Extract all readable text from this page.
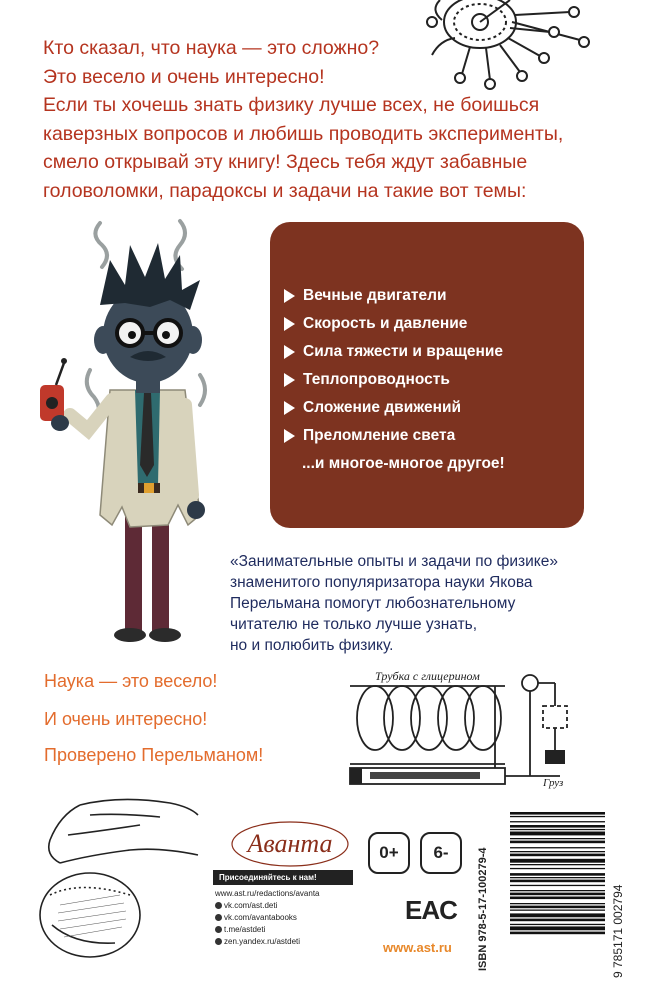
Кто сказал, что наука — это сложно?
Это весело и очень интересно!
Если ты хочешь знать физику лучше всех, не боишься
каверзных вопросов и любишь проводить эксперименты,
смело открывай эту книгу! Здесь тебя ждут забавные
головоломки, парадоксы и задачи на такие вот темы:
Вечные двигатели
Скорость и давление
Сила тяжести и вращение
Теплопроводность
Сложение движений
Преломление света
...и многое-многое другое!
«Занимательные опыты и задачи по физике»
знаменитого популяризатора науки Якова
Перельмана помогут любознательному
читателю не только лучше узнать,
но и полюбить физику.
Наука — это весело!
И очень интересно!
Проверено Перельманом!
Трубка с глицерином
Груз
Аванта
Присоединяйтесь к нам!
www.ast.ru/redactions/avanta
vk.com/ast.deti
vk.com/avantabooks
t.me/astdeti
zen.yandex.ru/astdeti
0+	6-
EAC
www.ast.ru ISBN 978-5-17-100279-4	9 785171 002794
